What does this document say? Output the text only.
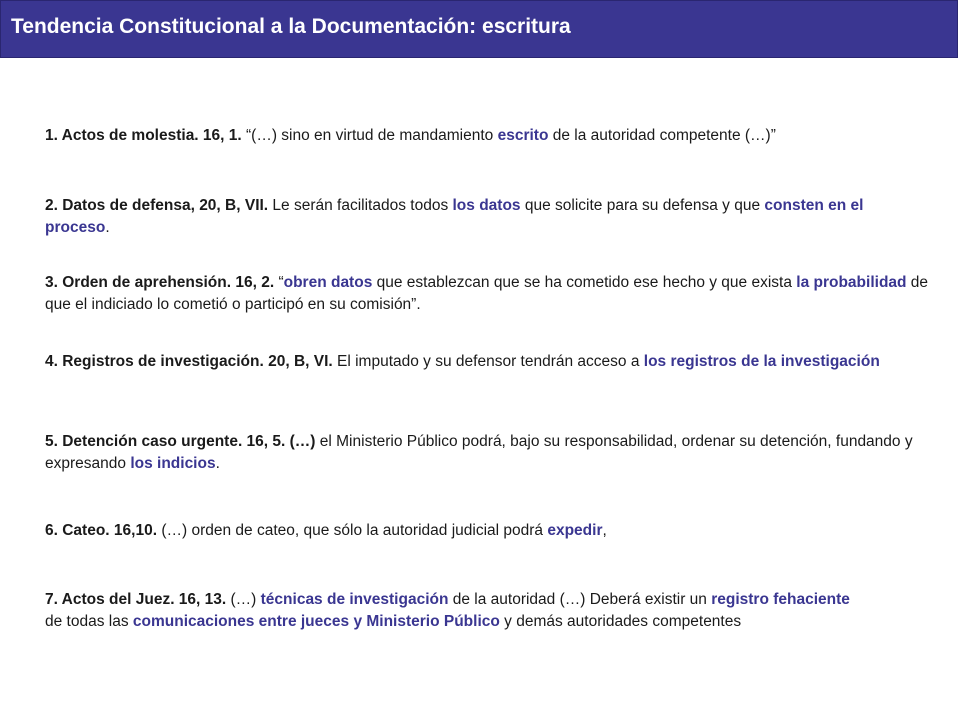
Tendencia Constitucional a la Documentación: escritura
1. Actos de molestia. 16, 1. “(…) sino en virtud de mandamiento escrito de la autoridad competente (…)”
2. Datos de defensa, 20, B, VII. Le serán facilitados todos los datos que solicite para su defensa y que consten en el proceso.
3. Orden de aprehensión. 16, 2. “obren datos que establezcan que se ha cometido ese hecho y que exista la probabilidad de que el indiciado lo cometió o participó en su comisión”.
4. Registros de investigación. 20, B, VI. El imputado y su defensor tendrán acceso a los registros de la investigación
5. Detención caso urgente. 16, 5. (…) el Ministerio Público podrá, bajo su responsabilidad, ordenar su detención, fundando y expresando los indicios.
6. Cateo. 16,10. (…) orden de cateo, que sólo la autoridad judicial podrá expedir,
7. Actos del Juez. 16, 13. (…) técnicas de investigación de la autoridad (…) Deberá existir un registro fehaciente de todas las comunicaciones entre jueces y Ministerio Público y demás autoridades competentes
